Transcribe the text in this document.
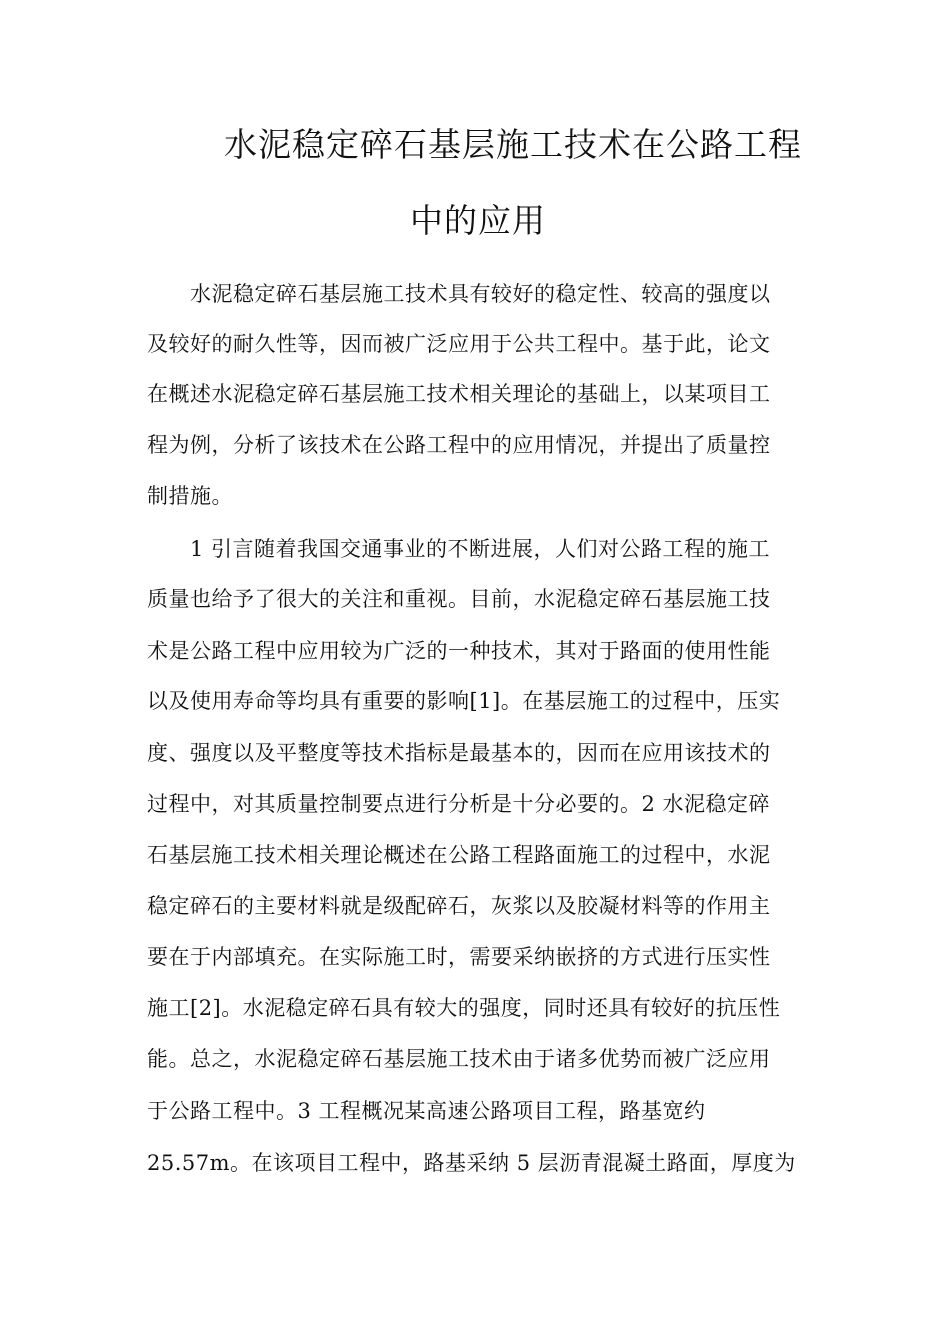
水泥稳定碎石基层施工技术在公路工程
中的应用
　　水泥稳定碎石基层施工技术具有较好的稳定性、较高的强度以
及较好的耐久性等，因而被广泛应用于公共工程中。基于此，论文
在概述水泥稳定碎石基层施工技术相关理论的基础上，以某项目工
程为例，分析了该技术在公路工程中的应用情况，并提出了质量控
制措施。
　　1 引言随着我国交通事业的不断进展，人们对公路工程的施工
质量也给予了很大的关注和重视。目前，水泥稳定碎石基层施工技
术是公路工程中应用较为广泛的一种技术，其对于路面的使用性能
以及使用寿命等均具有重要的影响[1]。在基层施工的过程中，压实
度、强度以及平整度等技术指标是最基本的，因而在应用该技术的
过程中，对其质量控制要点进行分析是十分必要的。2 水泥稳定碎
石基层施工技术相关理论概述在公路工程路面施工的过程中，水泥
稳定碎石的主要材料就是级配碎石，灰浆以及胶凝材料等的作用主
要在于内部填充。在实际施工时，需要采纳嵌挤的方式进行压实性
施工[2]。水泥稳定碎石具有较大的强度，同时还具有较好的抗压性
能。总之，水泥稳定碎石基层施工技术由于诸多优势而被广泛应用
于公路工程中。3 工程概况某高速公路项目工程，路基宽约
25.57m。在该项目工程中，路基采纳 5 层沥青混凝土路面，厚度为
